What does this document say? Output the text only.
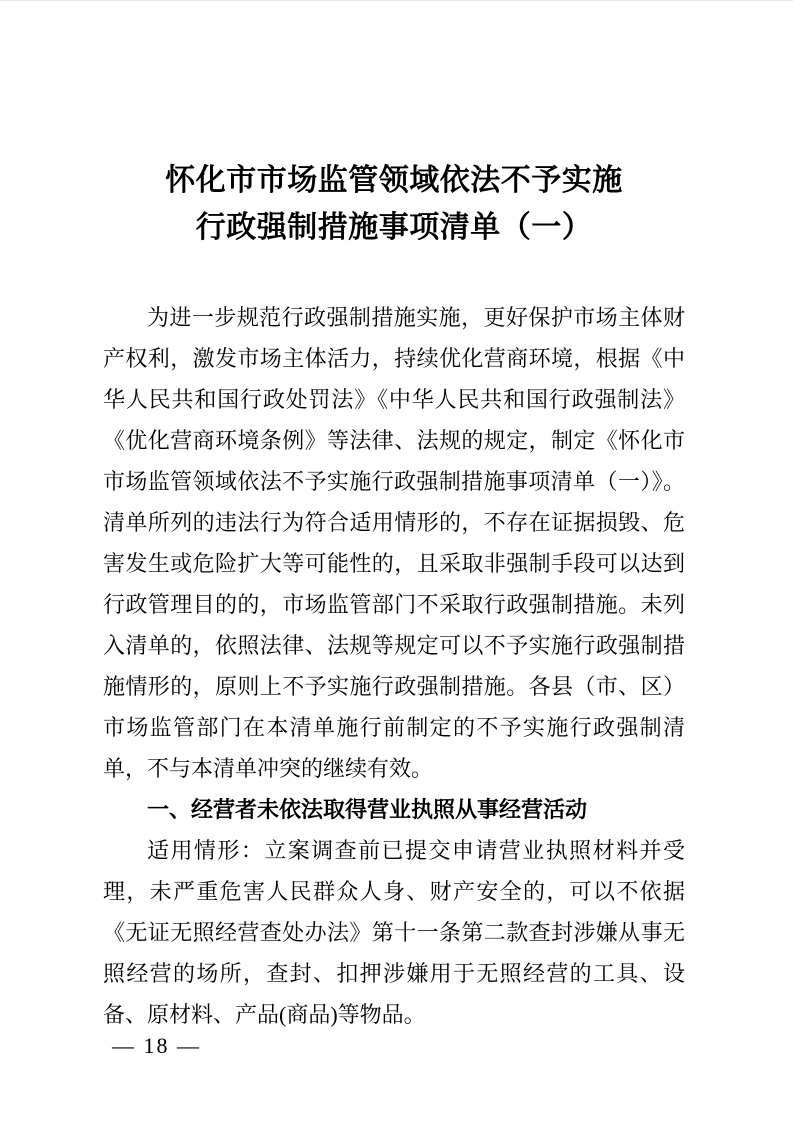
怀化市市场监管领域依法不予实施
行政强制措施事项清单（一）

为进一步规范行政强制措施实施，更好保护市场主体财产权利，激发市场主体活力，持续优化营商环境，根据《中华人民共和国行政处罚法》《中华人民共和国行政强制法》《优化营商环境条例》等法律、法规的规定，制定《怀化市市场监管领域依法不予实施行政强制措施事项清单（一）》。清单所列的违法行为符合适用情形的，不存在证据损毁、危害发生或危险扩大等可能性的，且采取非强制手段可以达到行政管理目的的，市场监管部门不采取行政强制措施。未列入清单的，依照法律、法规等规定可以不予实施行政强制措施情形的，原则上不予实施行政强制措施。各县（市、区）市场监管部门在本清单施行前制定的不予实施行政强制清单，不与本清单冲突的继续有效。

一、经营者未依法取得营业执照从事经营活动

适用情形：立案调查前已提交申请营业执照材料并受理，未严重危害人民群众人身、财产安全的，可以不依据《无证无照经营查处办法》第十一条第二款查封涉嫌从事无照经营的场所，查封、扣押涉嫌用于无照经营的工具、设备、原材料、产品(商品)等物品。

— 18 —
